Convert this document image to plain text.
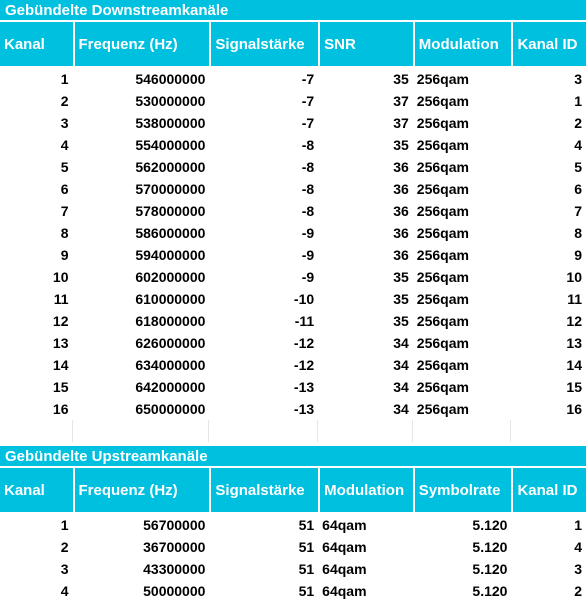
Gebündelte Downstreamkanäle
Kanal	Frequenz (Hz)	Signalstärke	SNR	Modulation	Kanal ID
1	546000000	-7	35	256qam	3
2	530000000	-7	37	256qam	1
3	538000000	-7	37	256qam	2
4	554000000	-8	35	256qam	4
5	562000000	-8	36	256qam	5
6	570000000	-8	36	256qam	6
7	578000000	-8	36	256qam	7
8	586000000	-9	36	256qam	8
9	594000000	-9	36	256qam	9
10	602000000	-9	35	256qam	10
11	610000000	-10	35	256qam	11
12	618000000	-11	35	256qam	12
13	626000000	-12	34	256qam	13
14	634000000	-12	34	256qam	14
15	642000000	-13	34	256qam	15
16	650000000	-13	34	256qam	16

Gebündelte Upstreamkanäle
Kanal	Frequenz (Hz)	Signalstärke	Modulation	Symbolrate	Kanal ID
1	56700000	51	64qam	5.120	1
2	36700000	51	64qam	5.120	4
3	43300000	51	64qam	5.120	3
4	50000000	51	64qam	5.120	2
